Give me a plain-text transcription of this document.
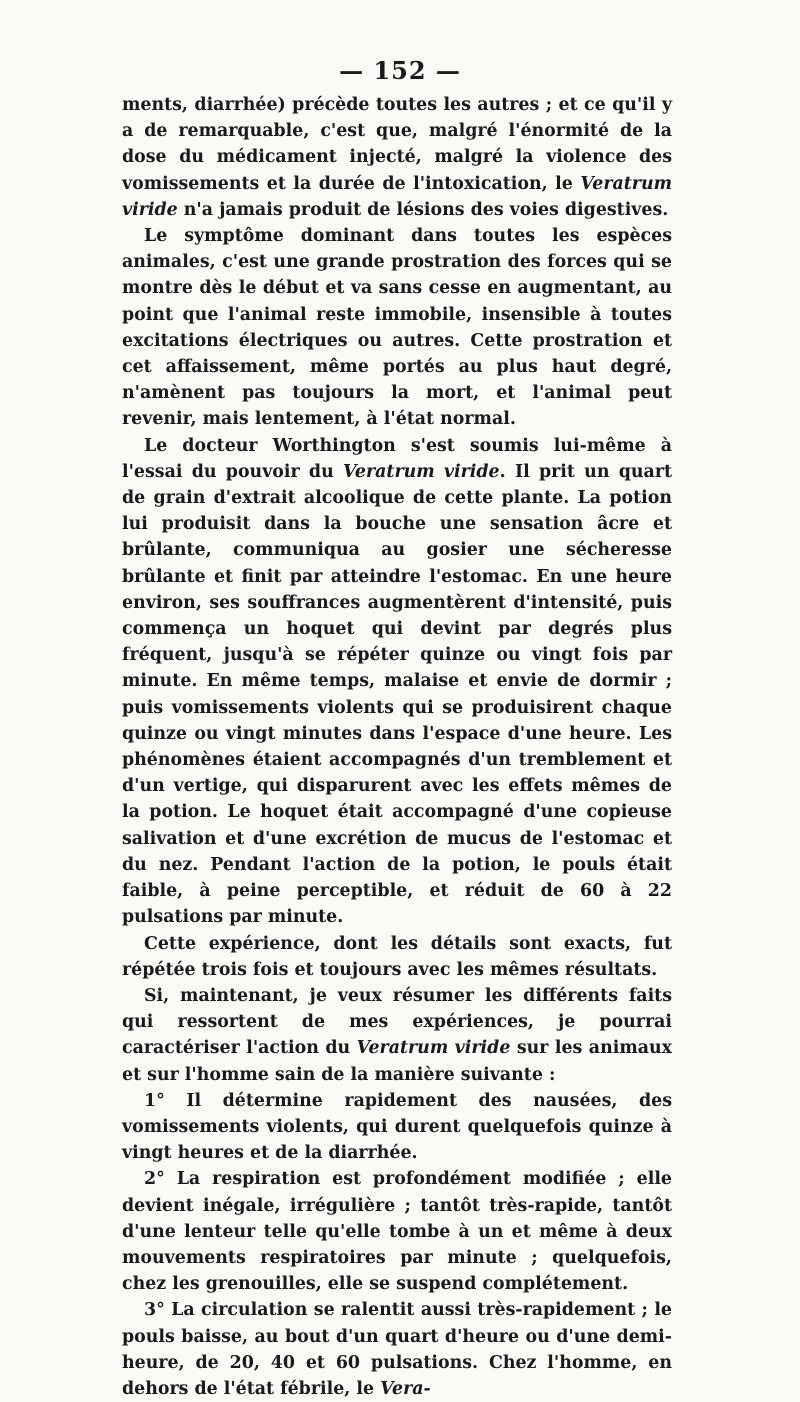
— 152 —

ments, diarrhée) précède toutes les autres ; et ce qu'il y a de remarquable, c'est que, malgré l'énormité de la dose du médicament injecté, malgré la violence des vomissements et la durée de l'intoxication, le Veratrum viride n'a jamais produit de lésions des voies digestives.

Le symptôme dominant dans toutes les espèces animales, c'est une grande prostration des forces qui se montre dès le début et va sans cesse en augmentant, au point que l'animal reste immobile, insensible à toutes excitations électriques ou autres. Cette prostration et cet affaissement, même portés au plus haut degré, n'amènent pas toujours la mort, et l'animal peut revenir, mais lentement, à l'état normal.

Le docteur Worthington s'est soumis lui-même à l'essai du pouvoir du Veratrum viride. Il prit un quart de grain d'extrait alcoolique de cette plante. La potion lui produisit dans la bouche une sensation âcre et brûlante, communiqua au gosier une sécheresse brûlante et finit par atteindre l'estomac. En une heure environ, ses souffrances augmentèrent d'intensité, puis commença un hoquet qui devint par degrés plus fréquent, jusqu'à se répéter quinze ou vingt fois par minute. En même temps, malaise et envie de dormir ; puis vomissements violents qui se produisirent chaque quinze ou vingt minutes dans l'espace d'une heure. Les phénomènes étaient accompagnés d'un tremblement et d'un vertige, qui disparurent avec les effets mêmes de la potion. Le hoquet était accompagné d'une copieuse salivation et d'une excrétion de mucus de l'estomac et du nez. Pendant l'action de la potion, le pouls était faible, à peine perceptible, et réduit de 60 à 22 pulsations par minute.

Cette expérience, dont les détails sont exacts, fut répétée trois fois et toujours avec les mêmes résultats.

Si, maintenant, je veux résumer les différents faits qui ressortent de mes expériences, je pourrai caractériser l'action du Veratrum viride sur les animaux et sur l'homme sain de la manière suivante :

1° Il détermine rapidement des nausées, des vomissements violents, qui durent quelquefois quinze à vingt heures et de la diarrhée.

2° La respiration est profondément modifiée ; elle devient inégale, irrégulière ; tantôt très-rapide, tantôt d'une lenteur telle qu'elle tombe à un et même à deux mouvements respiratoires par minute ; quelquefois, chez les grenouilles, elle se suspend complétement.

3° La circulation se ralentit aussi très-rapidement ; le pouls baisse, au bout d'un quart d'heure ou d'une demi-heure, de 20, 40 et 60 pulsations. Chez l'homme, en dehors de l'état fébrile, le Vera-
